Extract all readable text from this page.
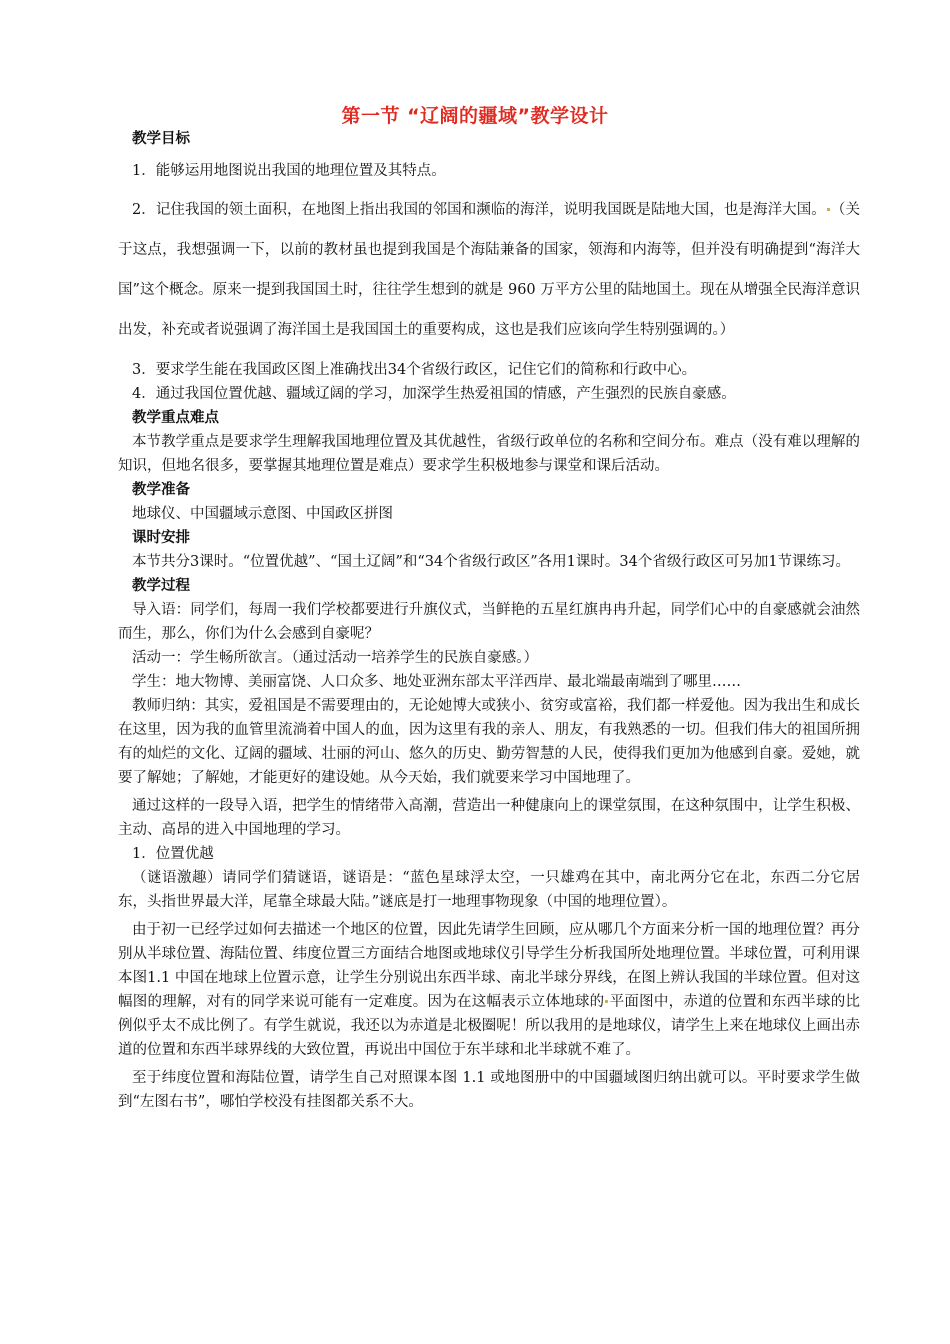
第一节 “辽阔的疆域”教学设计
教学目标

1．能够运用地图说出我国的地理位置及其特点。

2．记住我国的领土面积，在地图上指出我国的邻国和濒临的海洋，说明我国既是陆地大国，也是海洋大国。 （关于这点，我想强调一下，以前的教材虽也提到我国是个海陆兼备的国家，领海和内海等，但并没有明确提到“海洋大国”这个概念。原来一提到我国国土时，往往学生想到的就是 960 万平方公里的陆地国土。现在从增强全民海洋意识出发，补充或者说强调了海洋国土是我国国土的重要构成，这也是我们应该向学生特别强调的。）

3．要求学生能在我国政区图上准确找出34个省级行政区，记住它们的简称和行政中心。

4．通过我国位置优越、疆域辽阔的学习，加深学生热爱祖国的情感，产生强烈的民族自豪感。

教学重点难点

本节教学重点是要求学生理解我国地理位置及其优越性，省级行政单位的名称和空间分布。难点（没有难以理解的知识，但地名很多，要掌握其地理位置是难点）要求学生积极地参与课堂和课后活动。

教学准备

地球仪、中国疆域示意图、中国政区拼图

课时安排

本节共分3课时。“位置优越”、“国土辽阔”和“34个省级行政区”各用1课时。34个省级行政区可另加1节课练习。

教学过程

导入语：同学们，每周一我们学校都要进行升旗仪式，当鲜艳的五星红旗冉冉升起，同学们心中的自豪感就会油然而生，那么，你们为什么会感到自豪呢？

活动一：学生畅所欲言。（通过活动一培养学生的民族自豪感。）

学生：地大物博、美丽富饶、人口众多、地处亚洲东部太平洋西岸、最北端最南端到了哪里……

教师归纳：其实，爱祖国是不需要理由的，无论她博大或狭小、贫穷或富裕，我们都一样爱他。因为我出生和成长在这里，因为我的血管里流淌着中国人的血，因为这里有我的亲人、朋友，有我熟悉的一切。但我们伟大的祖国所拥有的灿烂的文化、辽阔的疆域、壮丽的河山、悠久的历史、勤劳智慧的人民，使得我们更加为他感到自豪。爱她，就要了解她；了解她，才能更好的建设她。从今天始，我们就要来学习中国地理了。

通过这样的一段导入语，把学生的情绪带入高潮，营造出一种健康向上的课堂氛围，在这种氛围中，让学生积极、主动、高昂的进入中国地理的学习。

1．位置优越

（谜语激趣）请同学们猜谜语，谜语是：“蓝色星球浮太空，一只雄鸡在其中，南北两分它在北，东西二分它居东，头指世界最大洋，尾靠全球最大陆。”谜底是打一地理事物现象（中国的地理位置）。

由于初一已经学过如何去描述一个地区的位置，因此先请学生回顾，应从哪几个方面来分析一国的地理位置？再分别从半球位置、海陆位置、纬度位置三方面结合地图或地球仪引导学生分析我国所处地理位置。半球位置，可利用课本图1.1 中国在地球上位置示意，让学生分别说出东西半球、南北半球分界线，在图上辨认我国的半球位置。但对这幅图的理解，对有的同学来说可能有一定难度。因为在这幅表示立体地球的 平面图中，赤道的位置和东西半球的比例似乎太不成比例了。有学生就说，我还以为赤道是北极圈呢！所以我用的是地球仪，请学生上来在地球仪上画出赤道的位置和东西半球界线的大致位置，再说出中国位于东半球和北半球就不难了。

至于纬度位置和海陆位置，请学生自己对照课本图 1.1 或地图册中的中国疆域图归纳出就可以。平时要求学生做到“左图右书”，哪怕学校没有挂图都关系不大。
